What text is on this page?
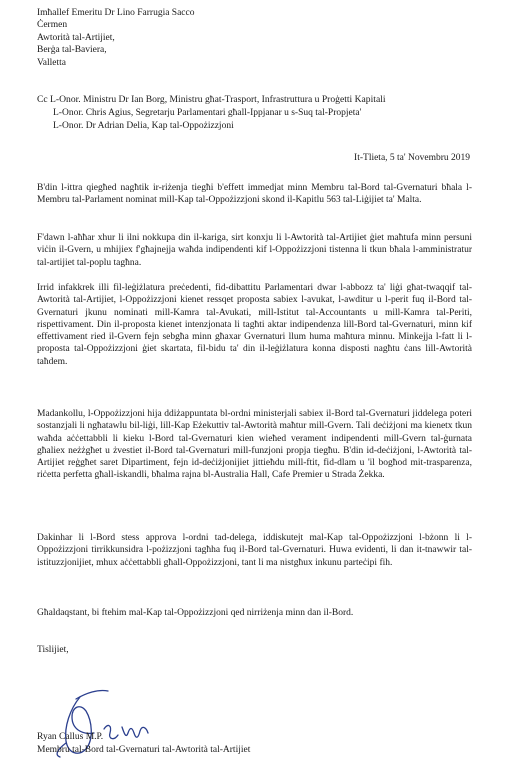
Imħallef Emeritu Dr Lino Farrugia Sacco
Ċermen
Awtorità tal-Artijiet,
Berġa tal-Baviera,
Valletta
Cc L-Onor. Ministru Dr Ian Borg, Ministru għat-Trasport, Infrastruttura u Proġetti Kapitali
L-Onor. Chris Agius, Segretarju Parlamentari għall-Ippjanar u s-Suq tal-Propjeta'
L-Onor. Dr Adrian Delia, Kap tal-Oppożizzjoni
It-Tlieta, 5 ta' Novembru 2019
B'din l-ittra qiegħed nagħtik ir-riżenja tiegħi b'effett immedjat minn Membru tal-Bord tal-Gvernaturi bħala l-Membru tal-Parlament nominat mill-Kap tal-Oppożizzjoni skond il-Kapitlu 563 tal-Liġijiet ta' Malta.
F'dawn l-aħħar xhur li ilni nokkupa din il-kariga, sirt konxju li l-Awtorità tal-Artijiet ġiet maħtufa minn persuni viċin il-Gvern, u mhijiex f'għajnejja waħda indipendenti kif l-Oppożizzjoni tistenna li tkun bħala l-amministratur tal-artijiet tal-poplu tagħna.
Irrid infakkrek illi fil-leġiżlatura preċedenti, fid-dibattitu Parlamentari dwar l-abbozz ta' liġi għat-twaqqif tal-Awtorità tal-Artijiet, l-Oppożizzjoni kienet ressqet proposta sabiex l-avukat, l-awditur u l-perit fuq il-Bord tal-Gvernaturi jkunu nominati mill-Kamra tal-Avukati, mill-Istitut tal-Accountants u mill-Kamra tal-Periti, rispettivament. Din il-proposta kienet intenzjonata li tagħti aktar indipendenza lill-Bord tal-Gvernaturi, minn kif effettivament ried il-Gvern fejn sebgħa minn għaxar Gvernaturi llum huma maħtura minnu. Minkejja l-fatt li l-proposta tal-Oppożizzjoni ġiet skartata, fil-bidu ta' din il-leġiżlatura konna disposti nagħtu ċans lill-Awtorità taħdem.
Madankollu, l-Oppożizzjoni hija ddiżappuntata bl-ordni ministerjali sabiex il-Bord tal-Gvernaturi jiddelega poteri sostanzjali li ngħatawlu bil-liġi, lill-Kap Eżekuttiv tal-Awtorità maħtur mill-Gvern. Tali deċiżjoni ma kienetx tkun waħda aċċettabbli li kieku l-Bord tal-Gvernaturi kien wieħed verament indipendenti mill-Gvern tal-ġurnata għaliex neżżgħet u żvestiet il-Bord tal-Gvernaturi mill-funzjoni propja tiegħu. B'din id-deċiżjoni, l-Awtorità tal-Artijiet reġgħet saret Dipartiment, fejn id-deċiżjonijiet jittieħdu mill-ftit, fid-dlam u 'il bogħod mit-trasparenza, riċetta perfetta għall-iskandli, bħalma rajna bl-Australia Hall, Cafe Premier u Strada Żekka.
Dakinhar li l-Bord stess approva l-ordni tad-delega, iddiskutejt mal-Kap tal-Oppożizzjoni l-bżonn li l-Oppożizzjoni tirrikkunsidra l-pożizzjoni tagħha fuq il-Bord tal-Gvernaturi. Huwa evidenti, li dan it-tnawwir tal-istituzzjonijiet, mhux aċċettabbli għall-Oppożizzjoni, tant li ma nistgħux inkunu parteċipi fih.
Għaldaqstant, bi ftehim mal-Kap tal-Oppożizzjoni qed nirriżenja minn dan il-Bord.
Tislijiet,
Ryan Callus M.P.
Membru tal-Bord tal-Gvernaturi tal-Awtorità tal-Artijiet
